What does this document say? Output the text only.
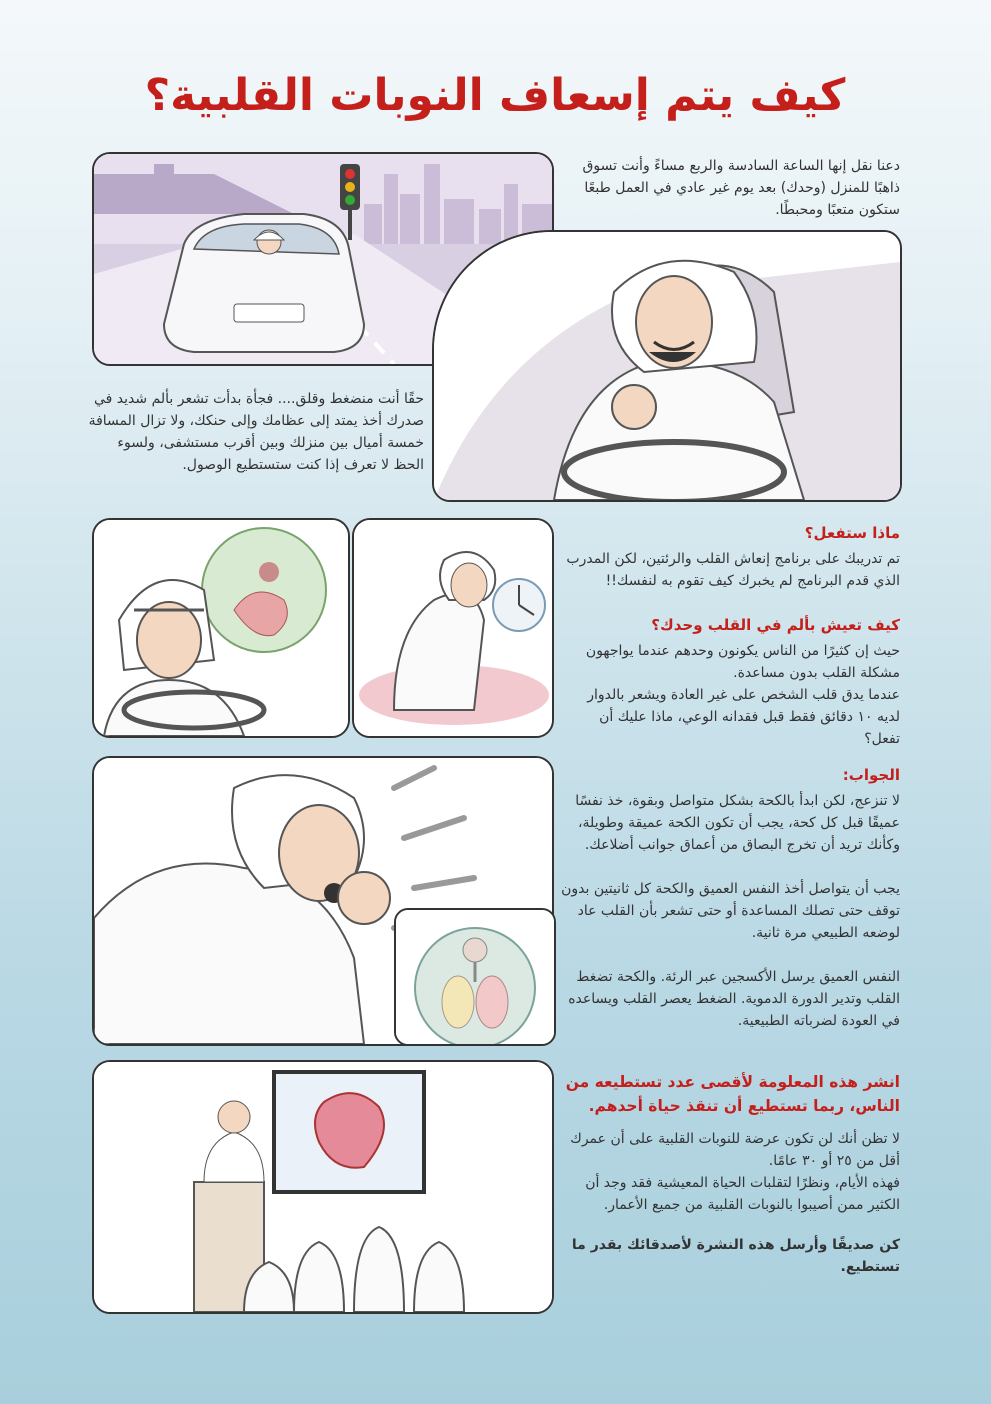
كيف يتم إسعاف النوبات القلبية؟

دعنا نقل إنها الساعة السادسة والربع مساءً وأنت تسوق ذاهبًا للمنزل (وحدك) بعد يوم غير عادي في العمل طبعًا ستكون متعبًا ومحبطًا.

حقًا أنت منضغط وقلق.... فجأة بدأت تشعر بألم شديد في صدرك أخذ يمتد إلى عظامك وإلى حنكك، ولا تزال المسافة خمسة أميال بين منزلك وبين أقرب مستشفى، ولسوء الحظ لا تعرف إذا كنت ستستطيع الوصول.

ماذا ستفعل؟

تم تدريبك على برنامج إنعاش القلب والرئتين، لكن المدرب الذي قدم البرنامج لم يخبرك كيف تقوم به لنفسك!!

كيف تعيش بألم في القلب وحدك؟

حيث إن كثيرًا من الناس يكونون وحدهم عندما يواجهون مشكلة القلب بدون مساعدة.

عندما يدق قلب الشخص على غير العادة ويشعر بالدوار لديه ١٠ دقائق فقط قبل فقدانه الوعي، ماذا عليك أن تفعل؟

الجواب:

لا تنزعج، لكن ابدأ بالكحة بشكل متواصل وبقوة، خذ نفسًا عميقًا قبل كل كحة، يجب أن تكون الكحة عميقة وطويلة، وكأنك تريد أن تخرج البصاق من أعماق جوانب أضلاعك.

يجب أن يتواصل أخذ النفس العميق والكحة كل ثانيتين بدون توقف حتى تصلك المساعدة أو حتى تشعر بأن القلب عاد لوضعه الطبيعي مرة ثانية.

النفس العميق يرسل الأكسجين عبر الرئة. والكحة تضغط القلب وتدير الدورة الدموية. الضغط يعصر القلب ويساعده في العودة لضرباته الطبيعية.

انشر هذه المعلومة لأقصى عدد تستطيعه من الناس، ربما تستطيع أن تنقذ حياة أحدهم.

لا تظن أنك لن تكون عرضة للنوبات القلبية على أن عمرك أقل من ٢٥ أو ٣٠ عامًا.

فهذه الأيام، ونظرًا لتقلبات الحياة المعيشية فقد وجد أن الكثير ممن أصيبوا بالنوبات القلبية من جميع الأعمار.

كن صديقًا وأرسل هذه النشرة لأصدقائك بقدر ما تستطيع.
